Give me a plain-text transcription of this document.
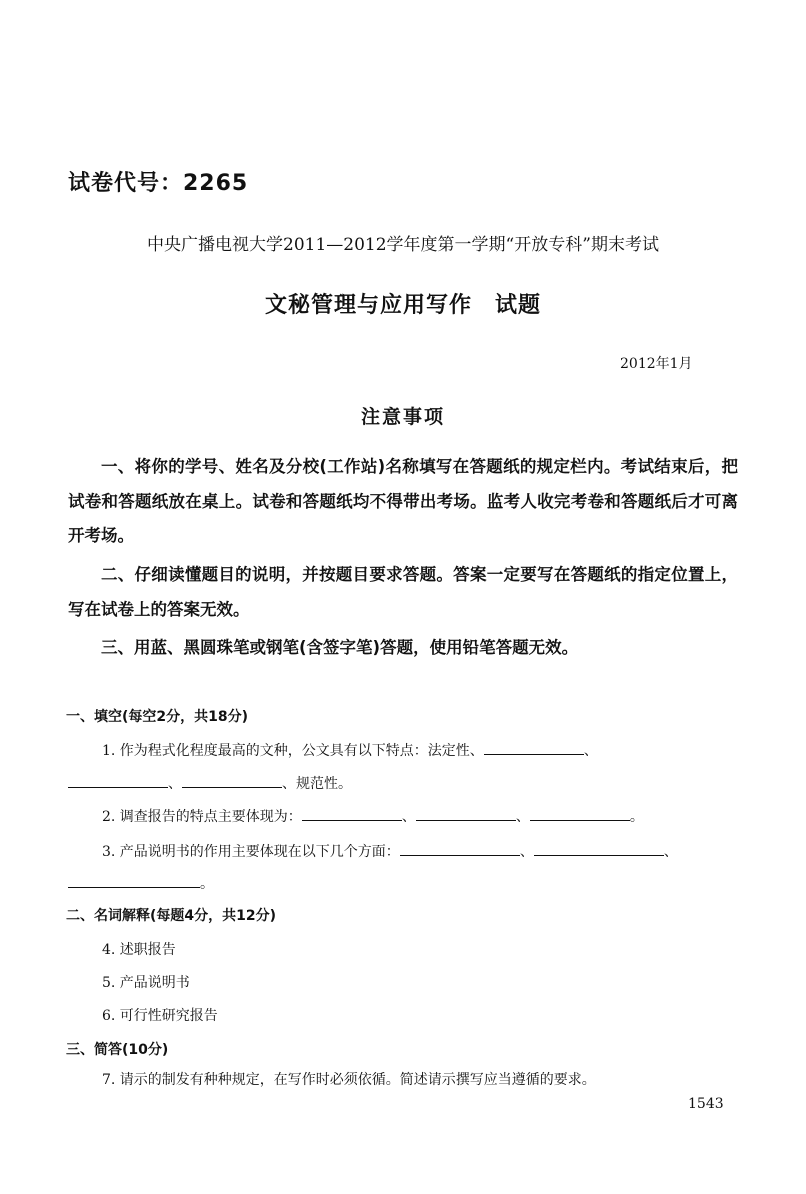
试卷代号：2265
中央广播电视大学2011—2012学年度第一学期“开放专科”期末考试
文秘管理与应用写作　试题
2012年1月
注意事项
一、将你的学号、姓名及分校(工作站)名称填写在答题纸的规定栏内。考试结束后，把试卷和答题纸放在桌上。试卷和答题纸均不得带出考场。监考人收完考卷和答题纸后才可离开考场。
二、仔细读懂题目的说明，并按题目要求答题。答案一定要写在答题纸的指定位置上，写在试卷上的答案无效。
三、用蓝、黑圆珠笔或钢笔(含签字笔)答题，使用铅笔答题无效。
一、填空(每空2分，共18分)
1. 作为程式化程度最高的文种，公文具有以下特点：法定性、	、
、	、规范性。
2. 调查报告的特点主要体现为：	、	、	。
3. 产品说明书的作用主要体现在以下几个方面：	、	、
。
二、名词解释(每题4分，共12分)
4. 述职报告
5. 产品说明书
6. 可行性研究报告
三、简答(10分)
7. 请示的制发有种种规定，在写作时必须依循。简述请示撰写应当遵循的要求。
1543
